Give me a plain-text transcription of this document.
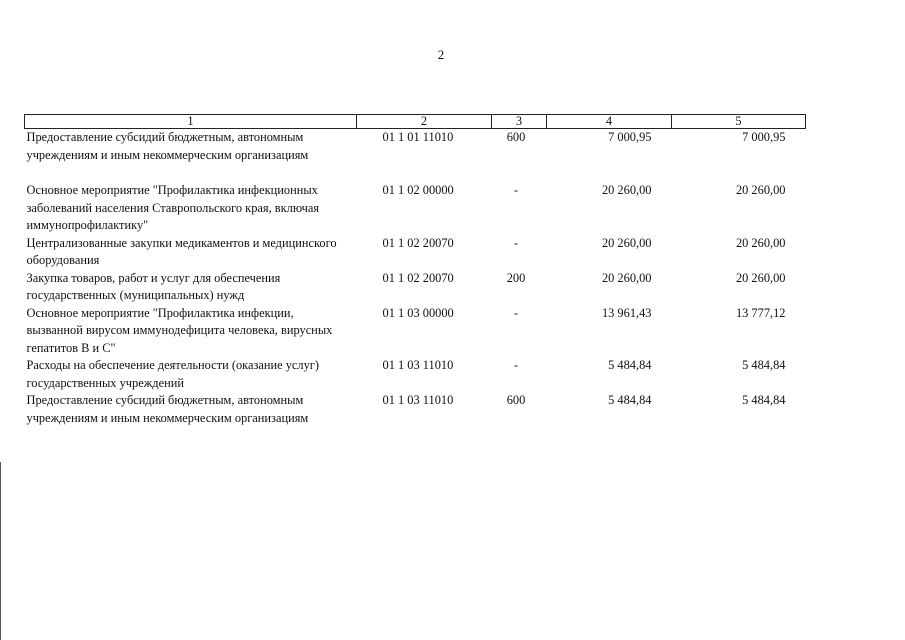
2
1	2	3	4	5
Предоставление субсидий бюджетным, автономным учреждениям и иным некоммерческим организациям	01 1 01 11010	600	7 000,95	7 000,95

Основное мероприятие "Профилактика инфекционных заболеваний населения Ставропольского края, включая иммунопрофилактику"	01 1 02 00000	-	20 260,00	20 260,00
Централизованные закупки медикаментов и медицинского оборудования	01 1 02 20070	-	20 260,00	20 260,00
Закупка товаров, работ и услуг для обеспечения государственных (муниципальных) нужд	01 1 02 20070	200	20 260,00	20 260,00
Основное мероприятие "Профилактика инфекции, вызванной вирусом иммунодефицита человека, вирусных гепатитов В и С"	01 1 03 00000	-	13 961,43	13 777,12
Расходы на обеспечение деятельности (оказание услуг) государственных учреждений	01 1 03 11010	-	5 484,84	5 484,84
Предоставление субсидий бюджетным, автономным учреждениям и иным некоммерческим организациям	01 1 03 11010	600	5 484,84	5 484,84
